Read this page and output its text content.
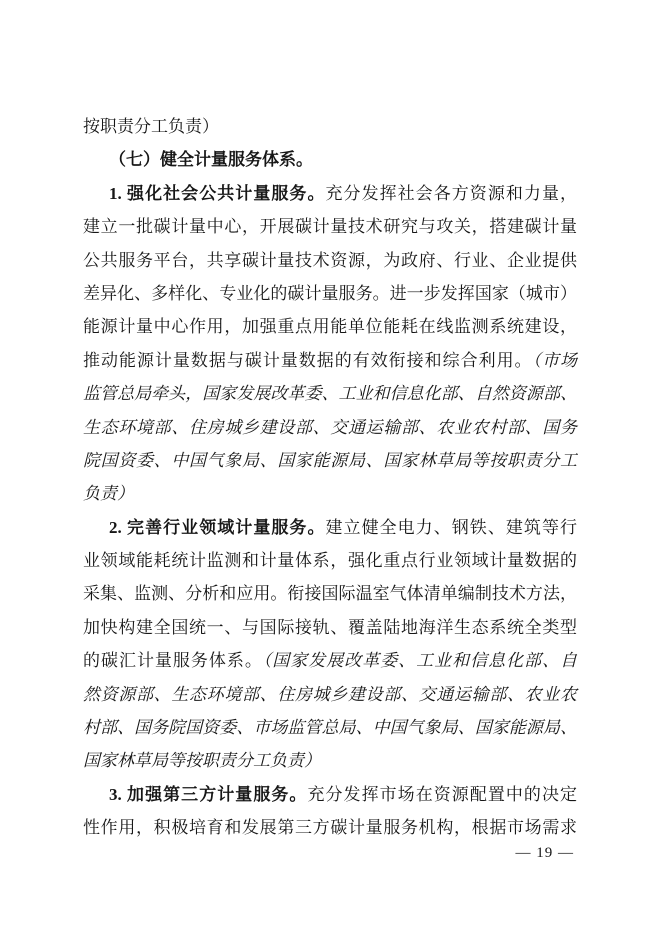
按职责分工负责）
（七）健全计量服务体系。
1. 强化社会公共计量服务。充分发挥社会各方资源和力量，
建立一批碳计量中心，开展碳计量技术研究与攻关，搭建碳计量
公共服务平台，共享碳计量技术资源，为政府、行业、企业提供
差异化、多样化、专业化的碳计量服务。进一步发挥国家（城市）
能源计量中心作用，加强重点用能单位能耗在线监测系统建设，
推动能源计量数据与碳计量数据的有效衔接和综合利用。（市场
监管总局牵头，国家发展改革委、工业和信息化部、自然资源部、
生态环境部、住房城乡建设部、交通运输部、农业农村部、国务
院国资委、中国气象局、国家能源局、国家林草局等按职责分工
负责）
2. 完善行业领域计量服务。建立健全电力、钢铁、建筑等行
业领域能耗统计监测和计量体系，强化重点行业领域计量数据的
采集、监测、分析和应用。衔接国际温室气体清单编制技术方法，
加快构建全国统一、与国际接轨、覆盖陆地海洋生态系统全类型
的碳汇计量服务体系。（国家发展改革委、工业和信息化部、自
然资源部、生态环境部、住房城乡建设部、交通运输部、农业农
村部、国务院国资委、市场监管总局、中国气象局、国家能源局、
国家林草局等按职责分工负责）
3. 加强第三方计量服务。充分发挥市场在资源配置中的决定
性作用，积极培育和发展第三方碳计量服务机构，根据市场需求
— 19 —
